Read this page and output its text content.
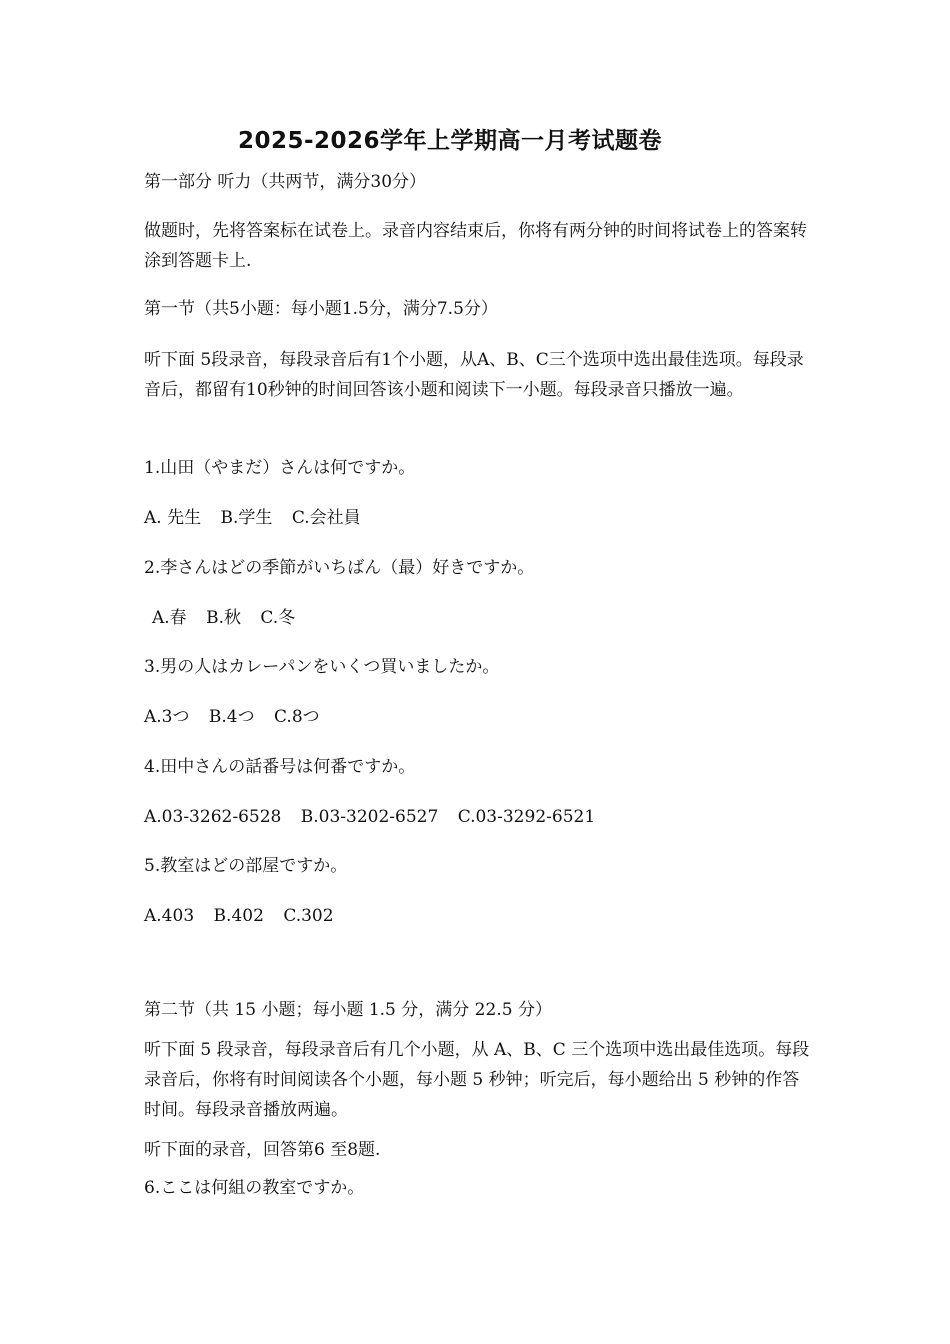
2025-2026学年上学期高一月考试题卷
第一部分 听力（共两节，满分30分）
做题时，先将答案标在试卷上。录音内容结束后，你将有两分钟的时间将试卷上的答案转涂到答题卡上.
第一节（共5小题：每小题1.5分，满分7.5分）
听下面 5段录音，每段录音后有1个小题，从A、B、C三个选项中选出最佳选项。每段录音后，都留有10秒钟的时间回答该小题和阅读下一小题。每段录音只播放一遍。
1.山田（やまだ）さんは何ですか。
A. 先生 B.学生 C.会社員
2.李さんはどの季節がいちばん（最）好きですか。
A.春 B.秋 C.冬
3.男の人はカレーパンをいくつ買いましたか。
A.3つ B.4つ C.8つ
4.田中さんの話番号は何番ですか。
A.03-3262-6528 B.03-3202-6527 C.03-3292-6521
5.教室はどの部屋ですか。
A.403 B.402 C.302
第二节（共 15 小题；每小题 1.5 分，满分 22.5 分）
听下面 5 段录音，每段录音后有几个小题，从 A、B、C 三个选项中选出最佳选项。每段录音后，你将有时间阅读各个小题，每小题 5 秒钟；听完后，每小题给出 5 秒钟的作答时间。每段录音播放两遍。
听下面的录音，回答第6 至8题.
6.ここは何組の教室ですか。
